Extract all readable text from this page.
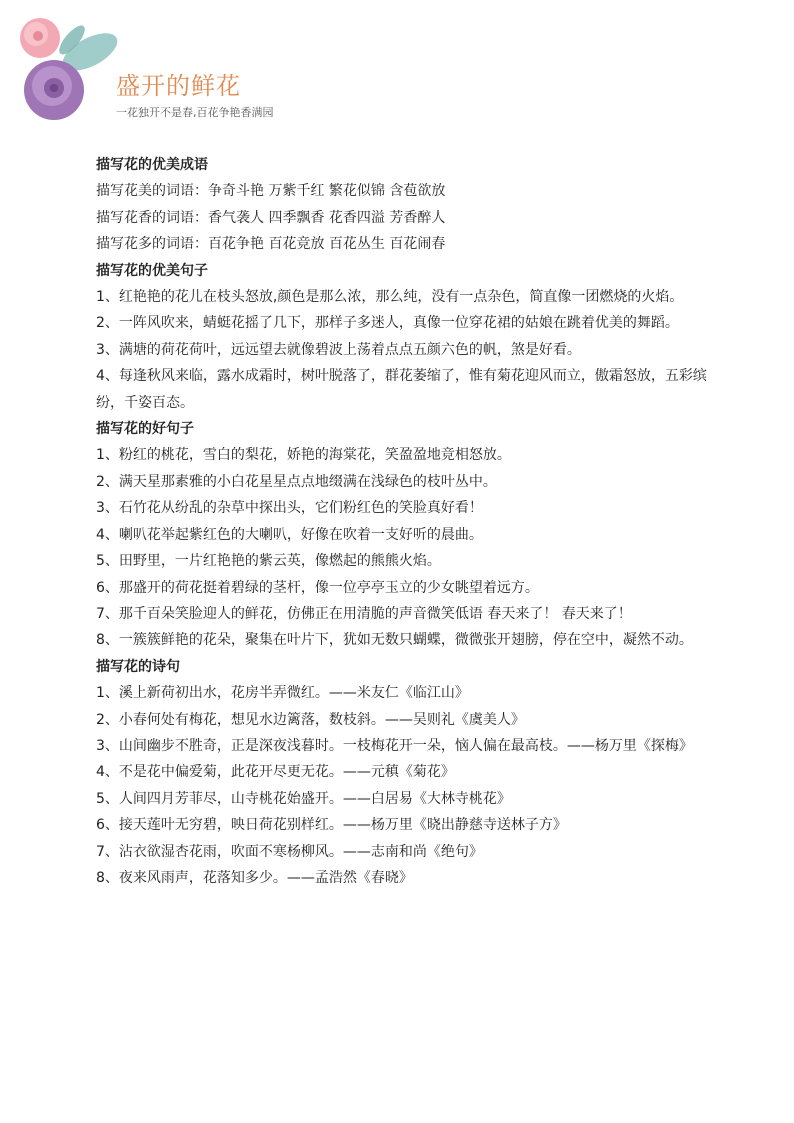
盛开的鲜花
一花独开不是春,百花争艳香满园
描写花的优美成语

描写花美的词语：争奇斗艳 万紫千红 繁花似锦 含苞欲放

描写花香的词语：香气袭人 四季飘香 花香四溢 芳香醉人

描写花多的词语：百花争艳 百花竞放 百花丛生 百花闹春

描写花的优美句子

1、红艳艳的花儿在枝头怒放,颜色是那么浓，那么纯，没有一点杂色，简直像一团燃烧的火焰。

2、一阵风吹来，蜻蜓花摇了几下，那样子多迷人，真像一位穿花裙的姑娘在跳着优美的舞蹈。

3、满塘的荷花荷叶，远远望去就像碧波上荡着点点五颜六色的帆，煞是好看。

4、每逢秋风来临，露水成霜时，树叶脱落了，群花萎缩了，惟有菊花迎风而立，傲霜怒放，五彩缤纷，千姿百态。

描写花的好句子

1、粉红的桃花，雪白的梨花，娇艳的海棠花，笑盈盈地竞相怒放。

2、满天星那素雅的小白花星星点点地缀满在浅绿色的枝叶丛中。

3、石竹花从纷乱的杂草中探出头，它们粉红色的笑脸真好看！

4、喇叭花举起紫红色的大喇叭，好像在吹着一支好听的晨曲。

5、田野里，一片红艳艳的紫云英，像燃起的熊熊火焰。

6、那盛开的荷花挺着碧绿的茎杆，像一位亭亭玉立的少女眺望着远方。

7、那千百朵笑脸迎人的鲜花，仿佛正在用清脆的声音微笑低语 春天来了！ 春天来了！

8、一簇簇鲜艳的花朵，聚集在叶片下，犹如无数只蝴蝶，微微张开翅膀，停在空中，凝然不动。

描写花的诗句

1、溪上新荷初出水，花房半弄微红。——米友仁《临江山》

2、小春何处有梅花，想见水边篱落，数枝斜。——吴则礼《虞美人》

3、山间幽步不胜奇，正是深夜浅暮时。一枝梅花开一朵，恼人偏在最高枝。——杨万里《探梅》

4、不是花中偏爱菊，此花开尽更无花。——元稹《菊花》

5、人间四月芳菲尽，山寺桃花始盛开。——白居易《大林寺桃花》

6、接天莲叶无穷碧，映日荷花别样红。——杨万里《晓出静慈寺送林子方》

7、沾衣欲湿杏花雨，吹面不寒杨柳风。——志南和尚《绝句》

8、夜来风雨声，花落知多少。——孟浩然《春晓》
